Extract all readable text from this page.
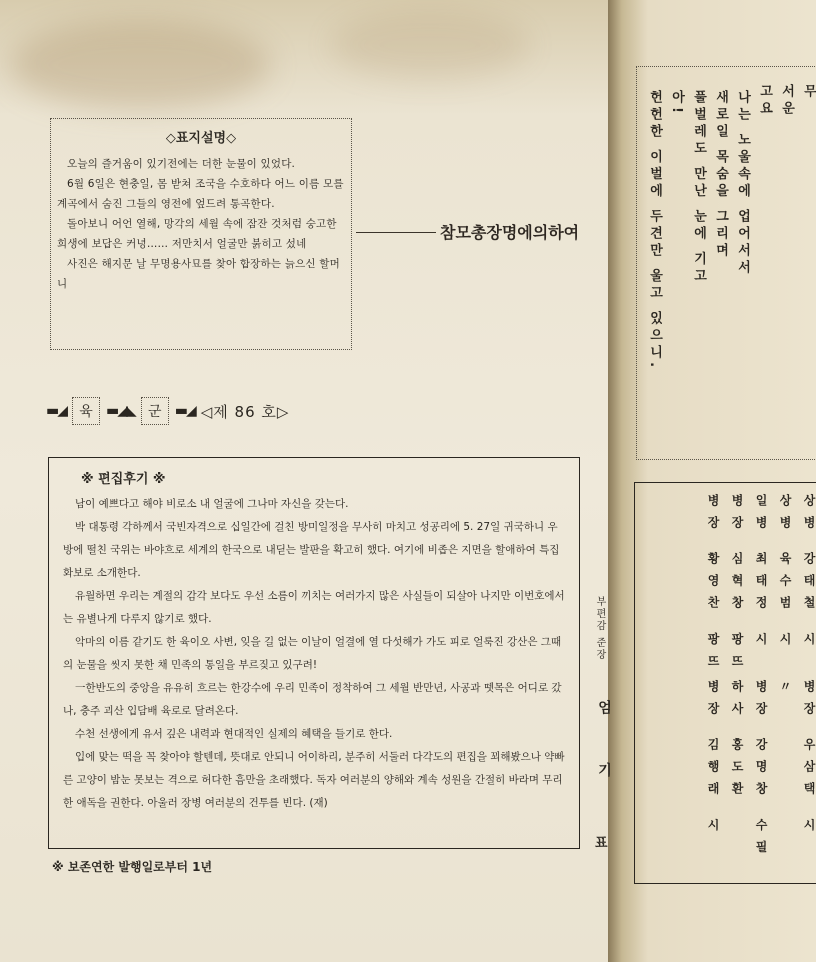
◇표지설명◇

오늘의 즐거움이 있기전에는 더한 눈물이 있었다.

6월 6일은 현충일, 몸 받쳐 조국을 수호하다 어느 이름 모를 계곡에서 숨진 그들의 영전에 엎드려 통곡한다.

돌아보니 어언 열해, 망각의 세월 속에 잠잔 것처럼 숭고한 희생에 보답은 커녕…… 저만치서 얼굴만 붉히고 섰네

사진은 해지문 날 무명용사묘를 찾아 합장하는 늙으신 할머니

참모총장명에의하여
▬◢ 육 ▬◢◣ 군 ▬◢ ◁제 86 호▷
※ 편집후기 ※

남이 예쁘다고 해야 비로소 내 얼굴에 그나마 자신을 갖는다.

박 대통령 각하께서 국빈자격으로 십일간에 걸친 방미일정을 무사히 마치고 성공리에 5. 27일 귀국하니 우방에 떨친 국위는 바야흐로 세계의 한국으로 내딛는 발판을 확고히 했다. 여기에 비좁은 지면을 할애하여 특집화보로 소개한다.

유월하면 우리는 계절의 감각 보다도 우선 소름이 끼치는 여러가지 많은 사실들이 되살아 나지만 이번호에서는 유별나게 다루지 않기로 했다.

악마의 이름 같기도 한 육이오 사변, 잊을 길 없는 이날이 얼결에 열 다섯해가 가도 피로 얼룩진 강산은 그때의 눈물을 씻지 못한 채 민족의 통일을 부르짖고 있구려!

一한반도의 중앙을 유유히 흐르는 한강수에 우리 민족이 정착하여 그 세월 반만년, 사공과 뗏목은 어디로 갔나, 충주 괴산 입담배 육로로 달려온다.

수천 선생에게 유서 깊은 내력과 현대적인 실제의 혜택을 들기로 한다.

입에 맞는 떡을 꼭 찾아야 할텐데, 뜻대로 안되니 어이하리, 분주히 서둘러 다각도의 편집을 꾀해봤으나 약빠른 고양이 밤눈 못보는 격으로 허다한 흠만을 초래했다. 독자 여러분의 양해와 계속 성원을 간절히 바라며 무리한 애독을 권한다. 아울러 장병 여러분의 건투를 빈다. (재)

※ 보존연한 발행일로부터 1년
부편감 준장
엄 기
표
무
서운
고요
나는 노울속에 업어서서
새로일 목숨을 그리며
풀벌레도 만난 눈에 기고
아!
헌헌한 이벌에 두견만 울고 있으니.
상병 강태철 시
상병 육수범 시
일병 최태정 시
병장 심혁창 팡뜨
병장 황영찬 팡뜨
병장 우삼택 시
〃
병장 강명창 수필
하사 홍도환
병장 김행래 시
